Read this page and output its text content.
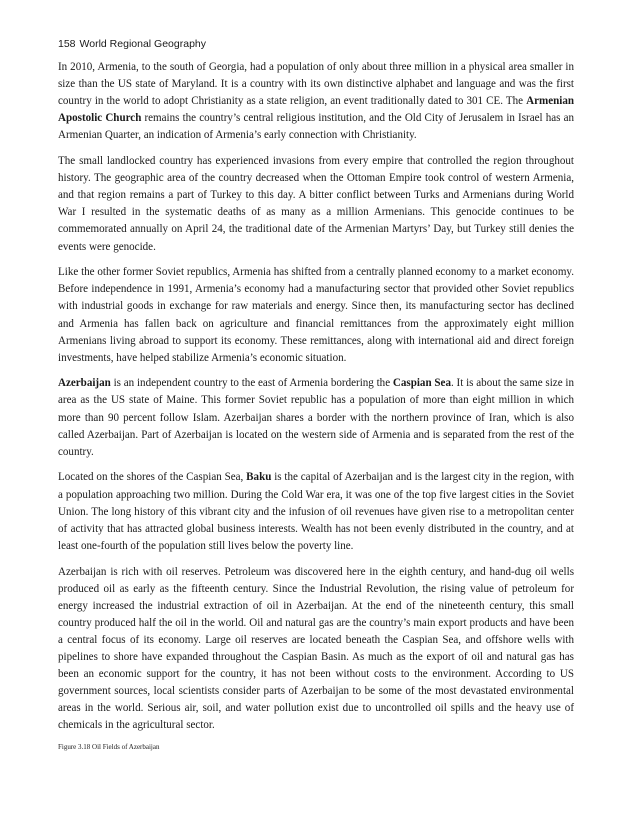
158 World Regional Geography

In 2010, Armenia, to the south of Georgia, had a population of only about three million in a physical area smaller in size than the US state of Maryland. It is a country with its own distinctive alphabet and language and was the first country in the world to adopt Christianity as a state religion, an event traditionally dated to 301 CE. The Armenian Apostolic Church remains the country’s central religious institution, and the Old City of Jerusalem in Israel has an Armenian Quarter, an indication of Armenia’s early connection with Christianity.

The small landlocked country has experienced invasions from every empire that controlled the region throughout history. The geographic area of the country decreased when the Ottoman Empire took control of western Armenia, and that region remains a part of Turkey to this day. A bitter conflict between Turks and Armenians during World War I resulted in the systematic deaths of as many as a million Armenians. This genocide continues to be commemorated annually on April 24, the traditional date of the Armenian Martyrs’ Day, but Turkey still denies the events were genocide.

Like the other former Soviet republics, Armenia has shifted from a centrally planned economy to a market economy. Before independence in 1991, Armenia’s economy had a manufacturing sector that provided other Soviet republics with industrial goods in exchange for raw materials and energy. Since then, its manufacturing sector has declined and Armenia has fallen back on agriculture and financial remittances from the approximately eight million Armenians living abroad to support its economy. These remittances, along with international aid and direct foreign investments, have helped stabilize Armenia’s economic situation.

Azerbaijan is an independent country to the east of Armenia bordering the Caspian Sea. It is about the same size in area as the US state of Maine. This former Soviet republic has a population of more than eight million in which more than 90 percent follow Islam. Azerbaijan shares a border with the northern province of Iran, which is also called Azerbaijan. Part of Azerbaijan is located on the western side of Armenia and is separated from the rest of the country.

Located on the shores of the Caspian Sea, Baku is the capital of Azerbaijan and is the largest city in the region, with a population approaching two million. During the Cold War era, it was one of the top five largest cities in the Soviet Union. The long history of this vibrant city and the infusion of oil revenues have given rise to a metropolitan center of activity that has attracted global business interests. Wealth has not been evenly distributed in the country, and at least one-fourth of the population still lives below the poverty line.

Azerbaijan is rich with oil reserves. Petroleum was discovered here in the eighth century, and hand-dug oil wells produced oil as early as the fifteenth century. Since the Industrial Revolution, the rising value of petroleum for energy increased the industrial extraction of oil in Azerbaijan. At the end of the nineteenth century, this small country produced half the oil in the world. Oil and natural gas are the country’s main export products and have been a central focus of its economy. Large oil reserves are located beneath the Caspian Sea, and offshore wells with pipelines to shore have expanded throughout the Caspian Basin. As much as the export of oil and natural gas has been an economic support for the country, it has not been without costs to the environment. According to US government sources, local scientists consider parts of Azerbaijan to be some of the most devastated environmental areas in the world. Serious air, soil, and water pollution exist due to uncontrolled oil spills and the heavy use of chemicals in the agricultural sector.

Figure 3.18 Oil Fields of Azerbaijan
